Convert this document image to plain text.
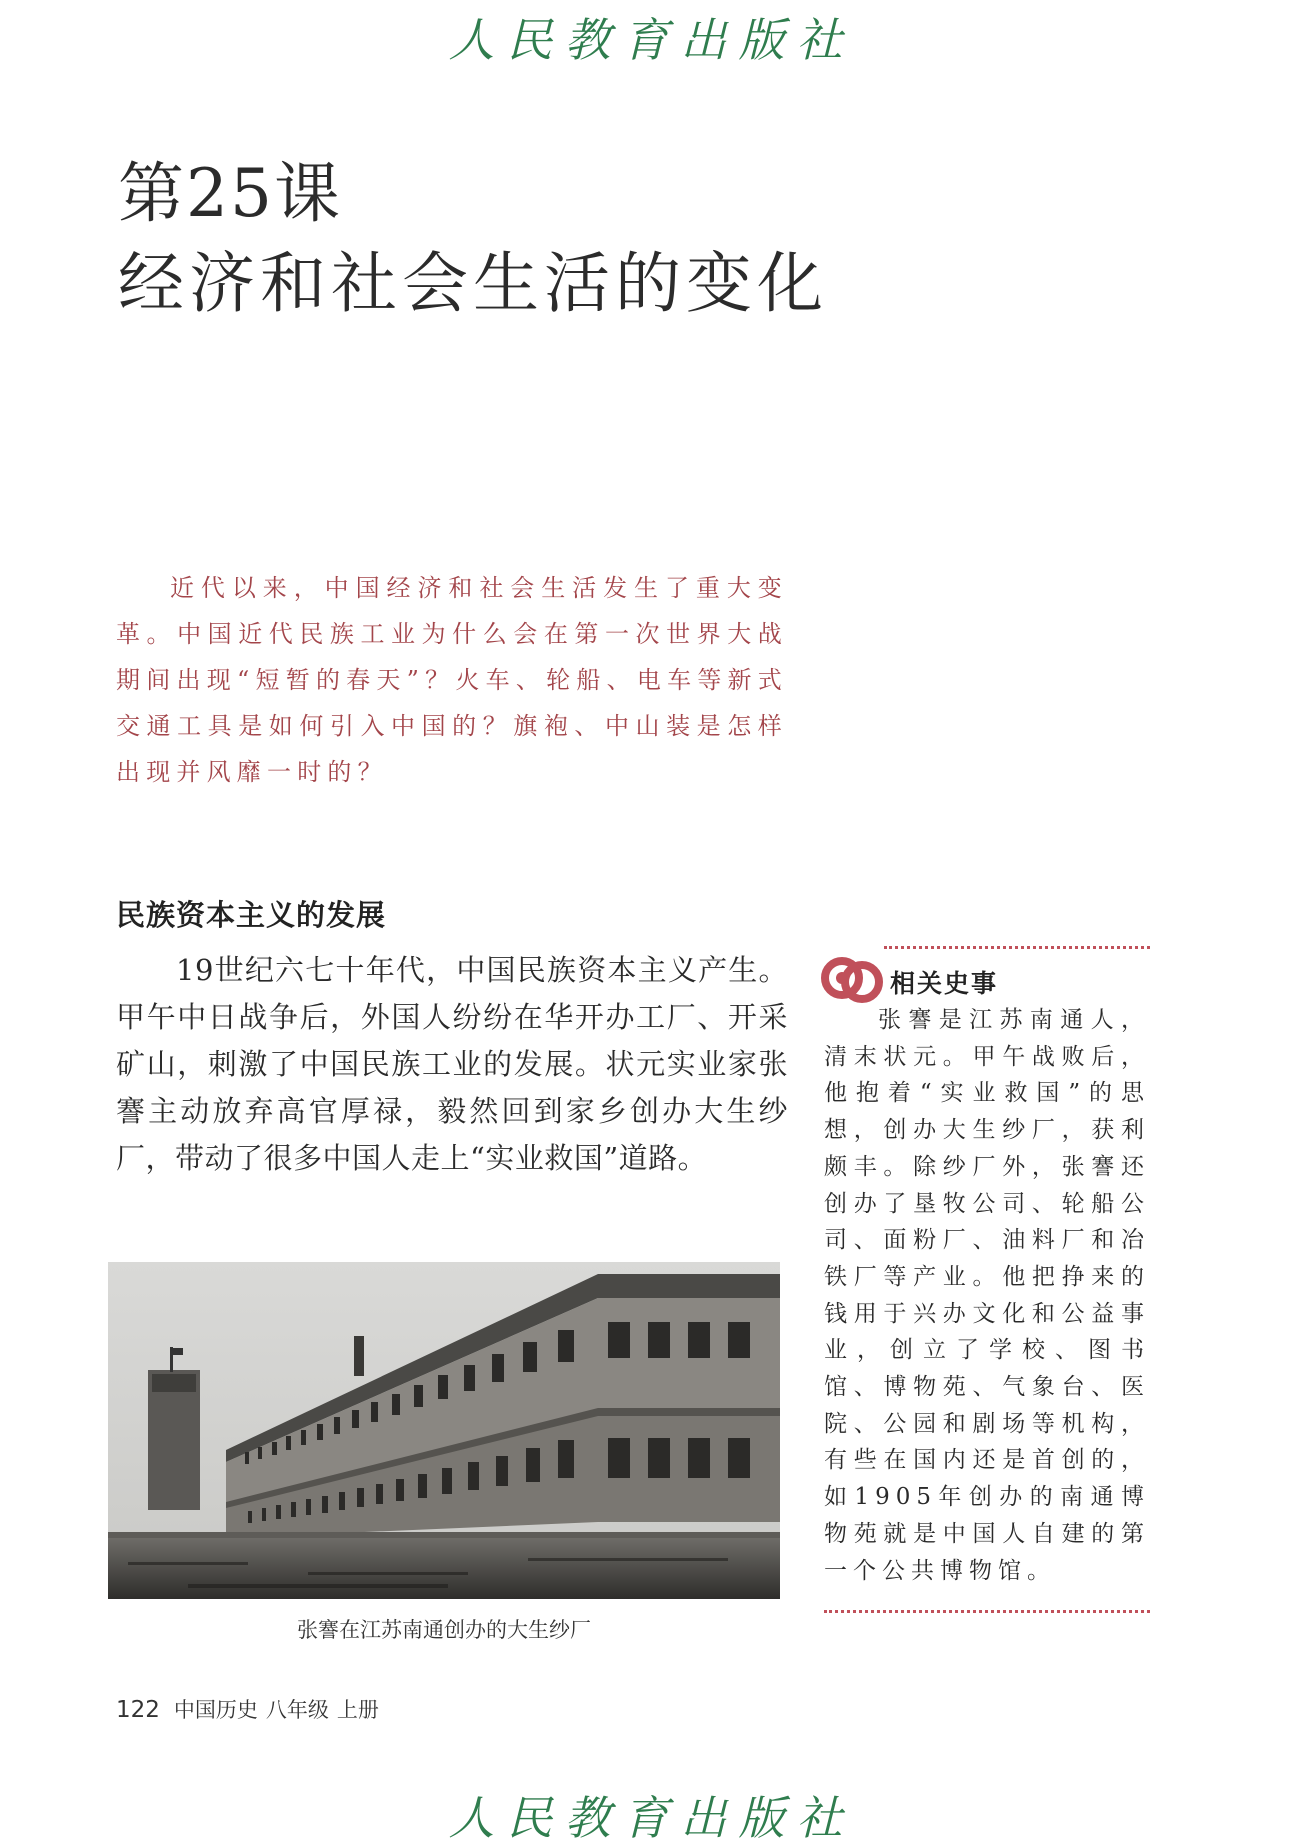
人民教育出版社
第25课
经济和社会生活的变化

近代以来，中国经济和社会生活发生了重大变革。中国近代民族工业为什么会在第一次世界大战期间出现“短暂的春天”？火车、轮船、电车等新式交通工具是如何引入中国的？旗袍、中山装是怎样出现并风靡一时的？

民族资本主义的发展

19世纪六七十年代，中国民族资本主义产生。甲午中日战争后，外国人纷纷在华开办工厂、开采矿山，刺激了中国民族工业的发展。状元实业家张謇主动放弃高官厚禄，毅然回到家乡创办大生纱厂，带动了很多中国人走上“实业救国”道路。

张謇在江苏南通创办的大生纱厂
相关史事

张謇是江苏南通人，清末状元。甲午战败后，他抱着“实业救国”的思想，创办大生纱厂，获利颇丰。除纱厂外，张謇还创办了垦牧公司、轮船公司、面粉厂、油料厂和冶铁厂等产业。他把挣来的钱用于兴办文化和公益事业，创立了学校、图书馆、博物苑、气象台、医院、公园和剧场等机构，有些在国内还是首创的，如1905年创办的南通博物苑就是中国人自建的第一个公共博物馆。

122 中国历史 八年级 上册
人民教育出版社
